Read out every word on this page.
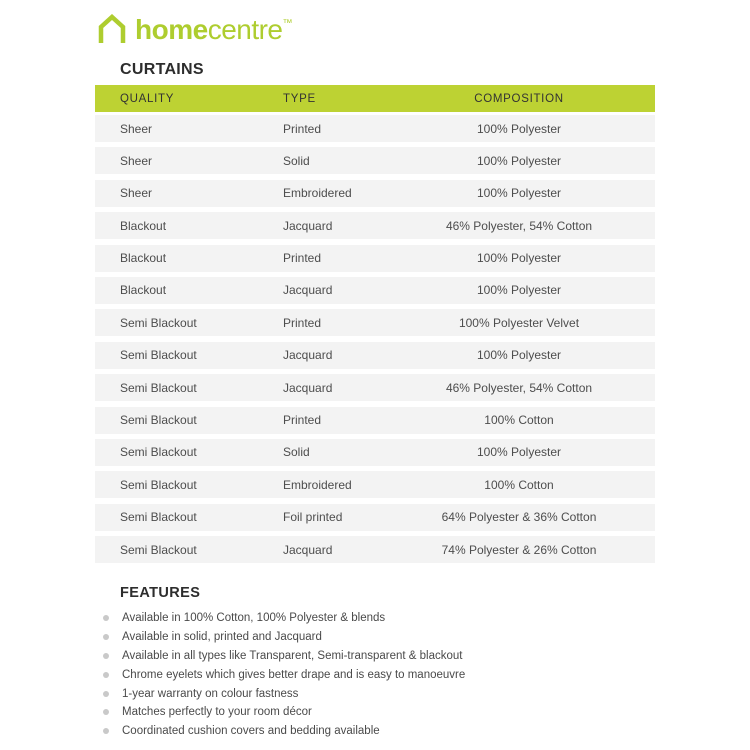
homecentre™
CURTAINS
QUALITY	TYPE	COMPOSITION
Sheer	Printed	100% Polyester
Sheer	Solid	100% Polyester
Sheer	Embroidered	100% Polyester
Blackout	Jacquard	46% Polyester, 54% Cotton
Blackout	Printed	100% Polyester
Blackout	Jacquard	100% Polyester
Semi Blackout	Printed	100% Polyester Velvet
Semi Blackout	Jacquard	100% Polyester
Semi Blackout	Jacquard	46% Polyester, 54% Cotton
Semi Blackout	Printed	100% Cotton
Semi Blackout	Solid	100% Polyester
Semi Blackout	Embroidered	100% Cotton
Semi Blackout	Foil printed	64% Polyester & 36% Cotton
Semi Blackout	Jacquard	74% Polyester & 26% Cotton
FEATURES
Available in 100% Cotton, 100% Polyester & blends
Available in solid, printed and Jacquard
Available in all types like Transparent, Semi-transparent & blackout
Chrome eyelets which gives better drape and is easy to manoeuvre
1-year warranty on colour fastness
Matches perfectly to your room décor
Coordinated cushion covers and bedding available
